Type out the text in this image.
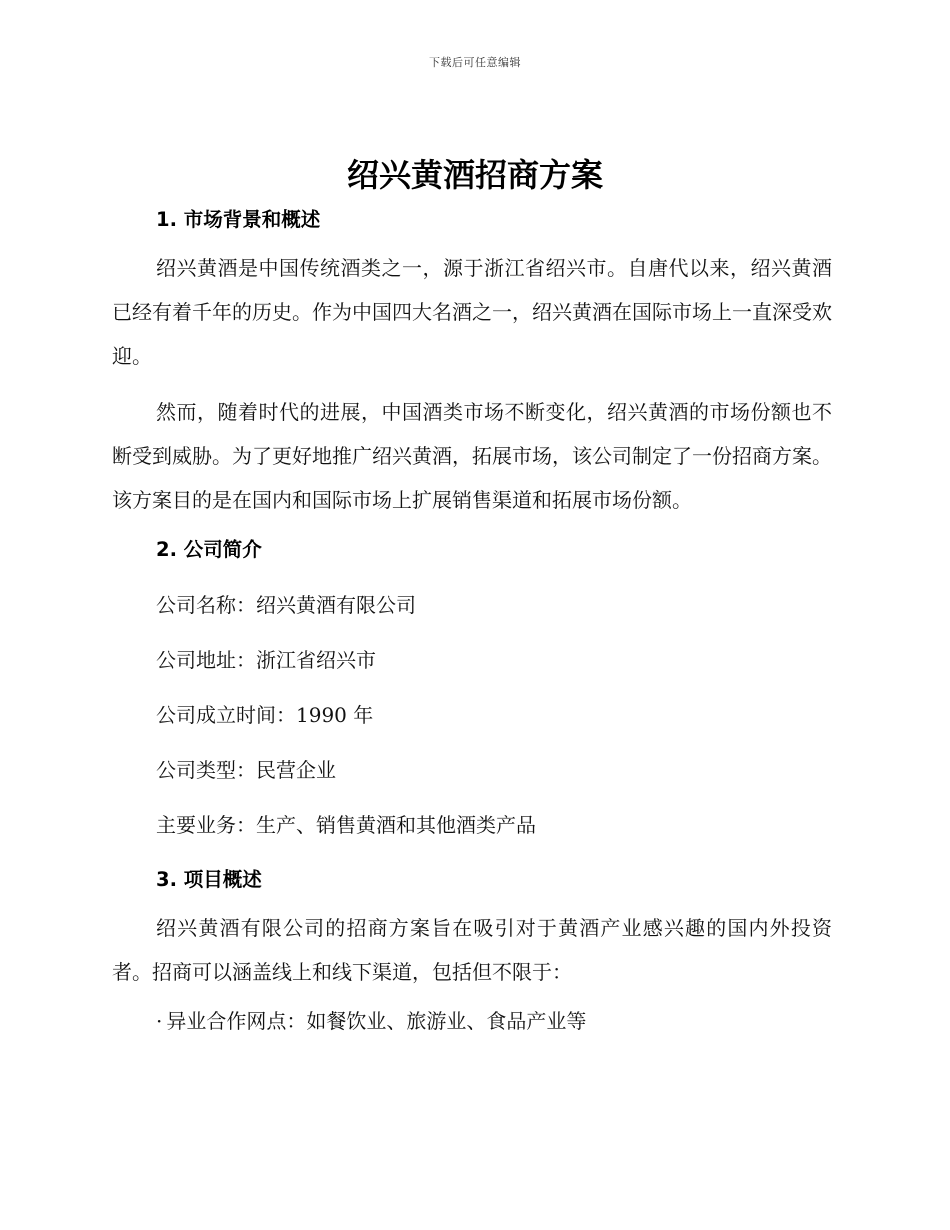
下载后可任意编辑
绍兴黄酒招商方案
1. 市场背景和概述

绍兴黄酒是中国传统酒类之一，源于浙江省绍兴市。自唐代以来，绍兴黄酒已经有着千年的历史。作为中国四大名酒之一，绍兴黄酒在国际市场上一直深受欢迎。

然而，随着时代的进展，中国酒类市场不断变化，绍兴黄酒的市场份额也不断受到威胁。为了更好地推广绍兴黄酒，拓展市场，该公司制定了一份招商方案。该方案目的是在国内和国际市场上扩展销售渠道和拓展市场份额。

2. 公司简介

公司名称：绍兴黄酒有限公司

公司地址：浙江省绍兴市

公司成立时间：1990 年

公司类型：民营企业

主要业务：生产、销售黄酒和其他酒类产品

3. 项目概述

绍兴黄酒有限公司的招商方案旨在吸引对于黄酒产业感兴趣的国内外投资者。招商可以涵盖线上和线下渠道，包括但不限于：

· 异业合作网点：如餐饮业、旅游业、食品产业等
